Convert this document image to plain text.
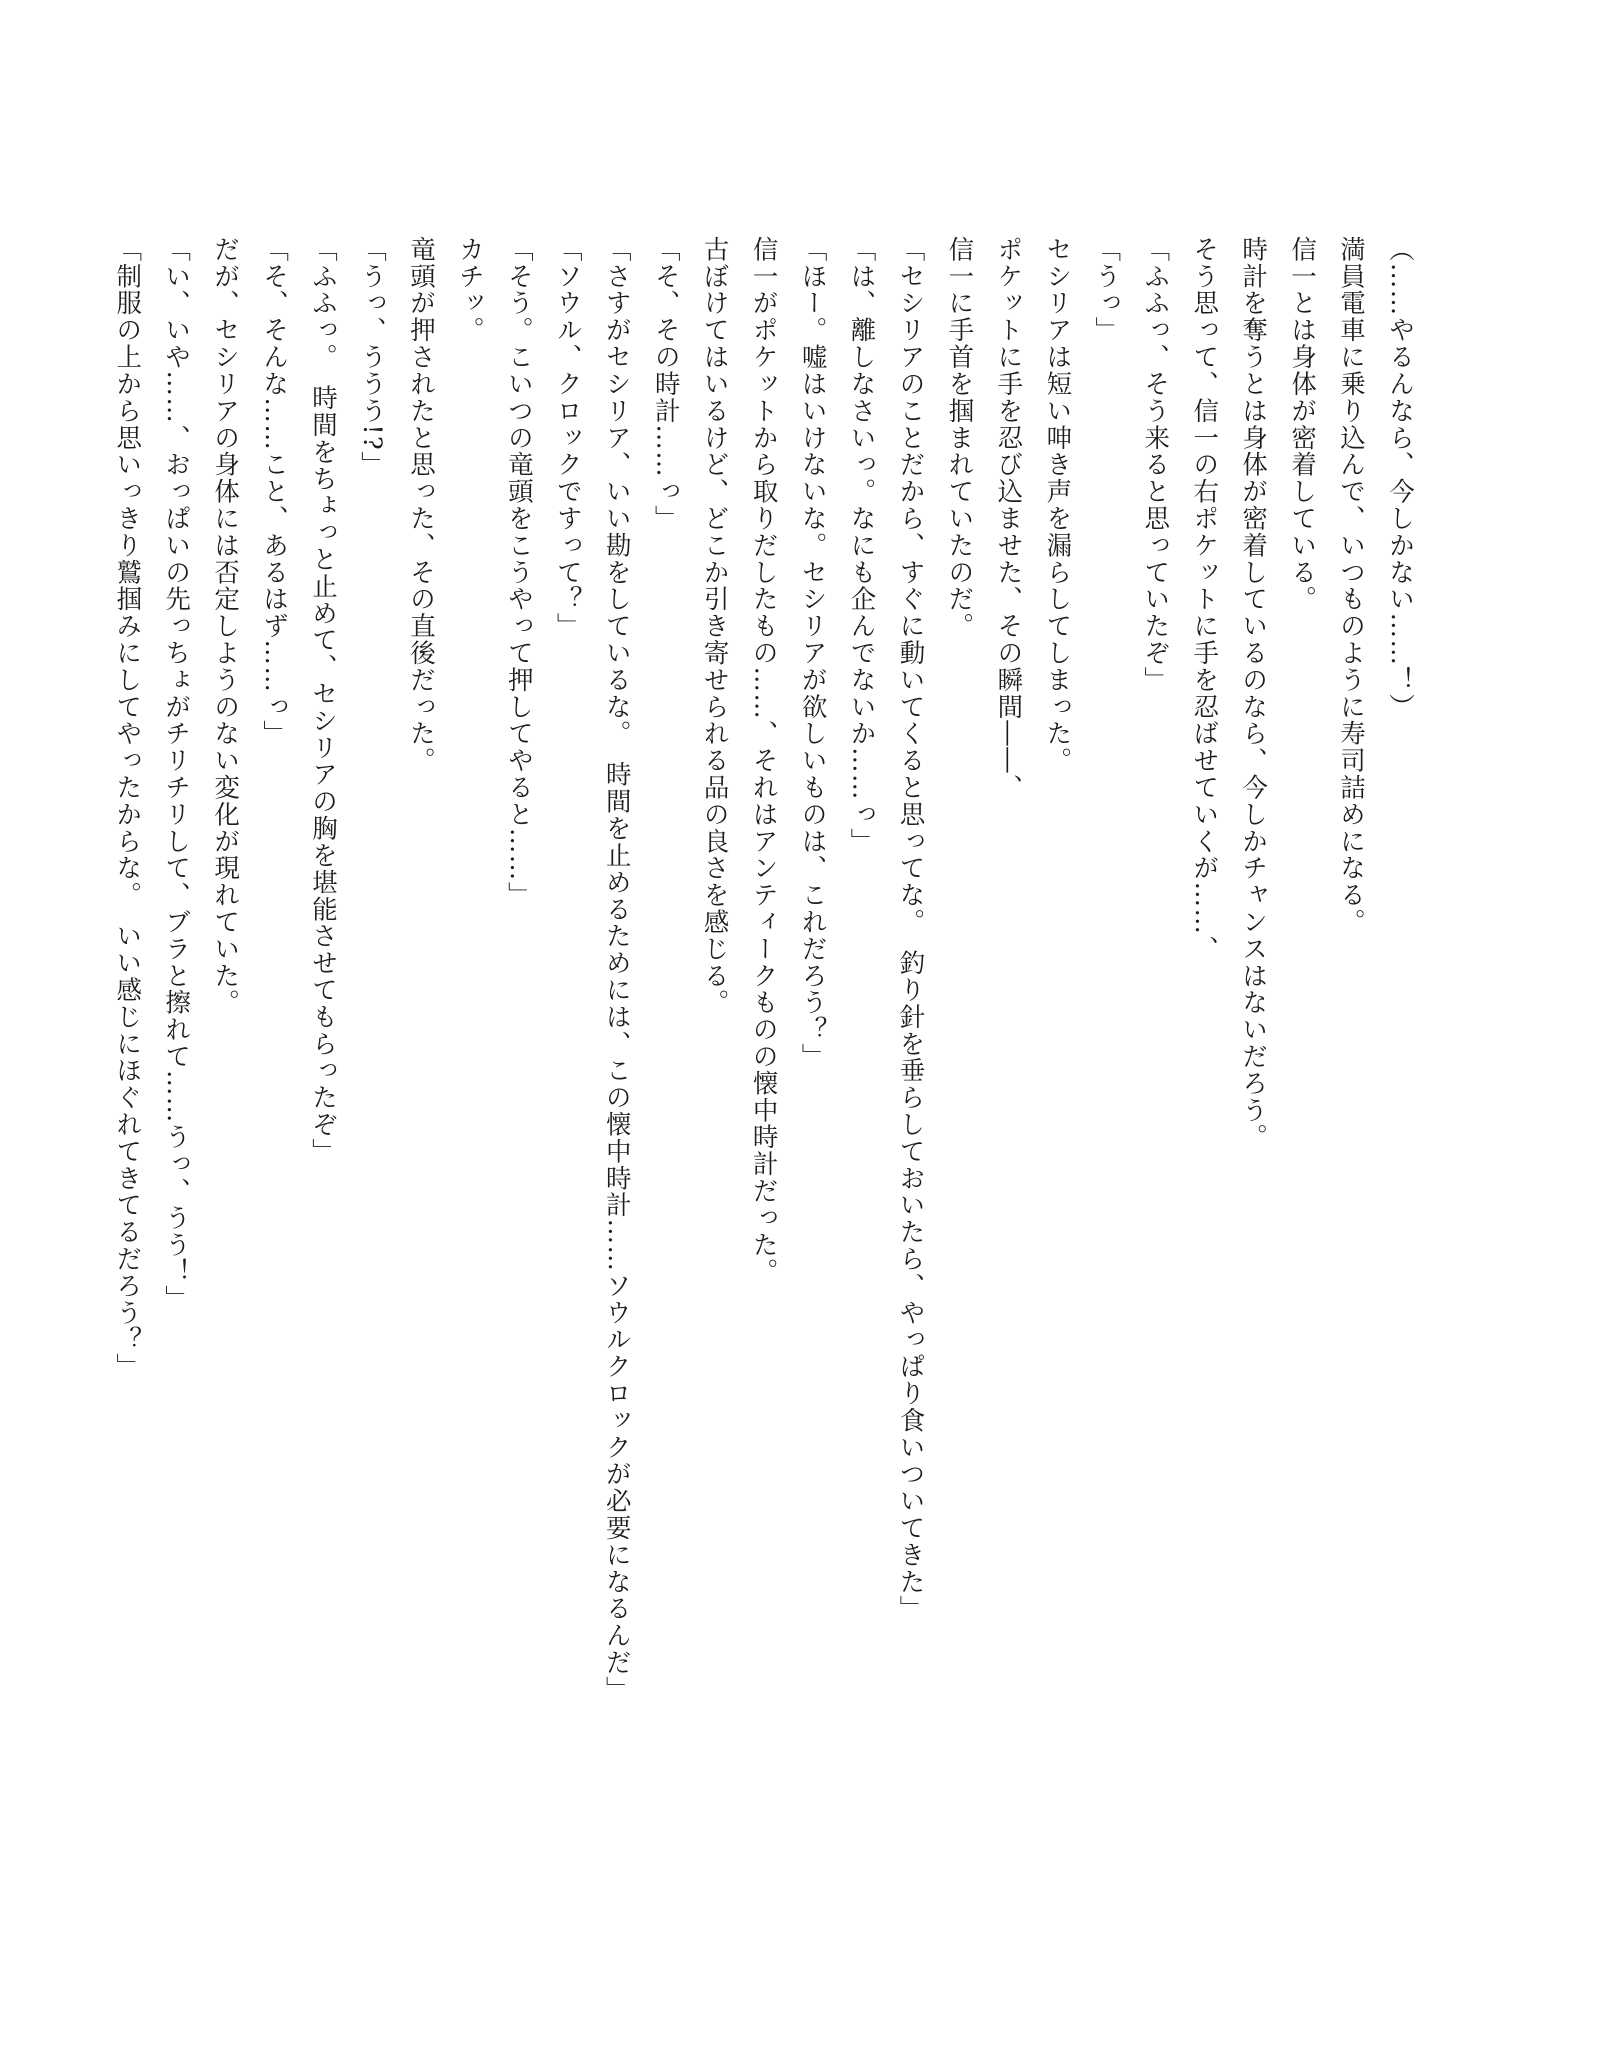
（……やるんなら、今しかない……！）

満員電車に乗り込んで、いつものように寿司詰めになる。

信一とは身体が密着している。

時計を奪うとは身体が密着しているのなら、今しかチャンスはないだろう。

そう思って、信一の右ポケットに手を忍ばせていくが……、

「ふふっ、そう来ると思っていたぞ」

「うっ」

セシリアは短い呻き声を漏らしてしまった。

ポケットに手を忍び込ませた、その瞬間――、

信一に手首を掴まれていたのだ。

「セシリアのことだから、すぐに動いてくると思ってな。　釣り針を垂らしておいたら、やっぱり食いついてきた」

「は、離しなさいっ。なにも企んでないか……っ」

「ほー。嘘はいけないな。セシリアが欲しいものは、これだろう？」

信一がポケットから取りだしたもの……、それはアンティークものの懐中時計だった。

古ぼけてはいるけど、どこか引き寄せられる品の良さを感じる。

「そ、その時計……っ」

「さすがセシリア、いい勘をしているな。　時間を止めるためには、この懐中時計……ソウルクロックが必要になるんだ」

「ソウル、クロックですって？」

「そう。こいつの竜頭をこうやって押してやると……」

カチッ。

竜頭が押されたと思った、その直後だった。

「うっ、ううう!?」

「ふふっ。　時間をちょっと止めて、セシリアの胸を堪能させてもらったぞ」

「そ、そんな……こと、あるはず……っ」

だが、セシリアの身体には否定しようのない変化が現れていた。

「い、いや……、おっぱいの先っちょがチリチリして、ブラと擦れて……うっ、うう！」

「制服の上から思いっきり鷲掴みにしてやったからな。　いい感じにほぐれてきてるだろう？」
